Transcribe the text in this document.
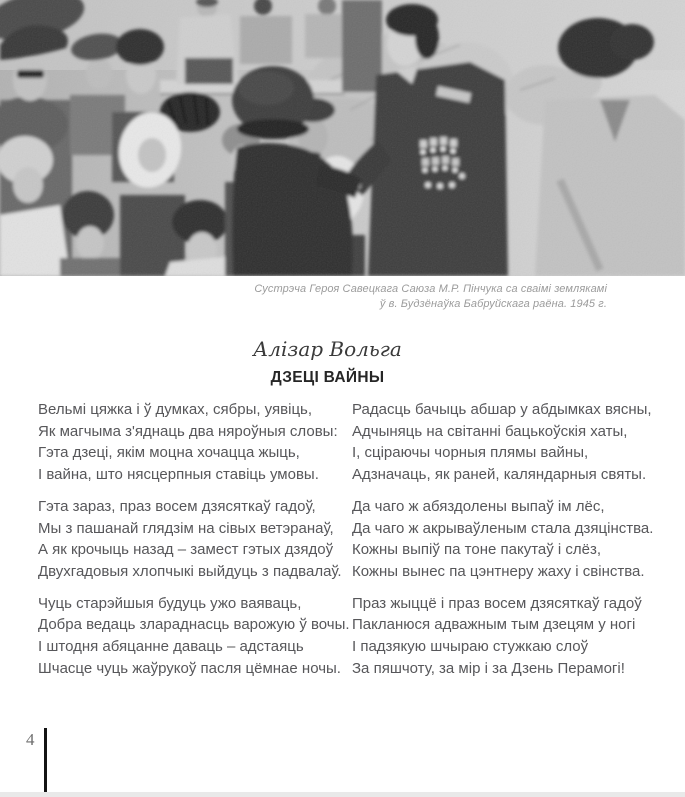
Сустрэча Героя Савецкага Саюза М.Р. Пінчука са сваімі землякамі
ў в. Будзёнаўка Бабруйскага раёна. 1945 г.
Алізар Вольга
ДЗЕЦІ ВАЙНЫ
Вельмі цяжка і ў думках, сябры, уявіць,
Як магчыма з'яднаць два няроўныя словы:
Гэта дзеці, якім моцна хочацца жыць,
І вайна, што нясцерпныя ставіць умовы.
Гэта зараз, праз восем дзясяткаў гадоў,
Мы з пашанай глядзім на сівых ветэранаў,
А як крочыць назад – замест гэтых дзядоў
Двухгадовыя хлопчыкі выйдуць з падвалаў.
Чуць старэйшыя будуць ужо ваяваць,
Добра ведаць злараднасць варожую ў вочы.
І штодня абяцанне даваць – адстаяць
Шчасце чуць жаўрукоў пасля цёмнае ночы.
Радасць бачыць абшар у абдымках вясны,
Адчыняць на світанні бацькоўскія хаты,
І, сціраючы чорныя плямы вайны,
Адзначаць, як раней, каляндарныя святы.
Да чаго ж абяздолены выпаў ім лёс,
Да чаго ж акрываўленым стала дзяцінства.
Кожны выпіў па тоне пакутаў і слёз,
Кожны вынес па цэнтнеру жаху і свінства.
Праз жыццё і праз восем дзясяткаў гадоў
Пакланюся адважным тым дзецям у ногі
І падзякую шчыраю стужкаю слоў
За пяшчоту, за мір і за Дзень Перамогі!
4
